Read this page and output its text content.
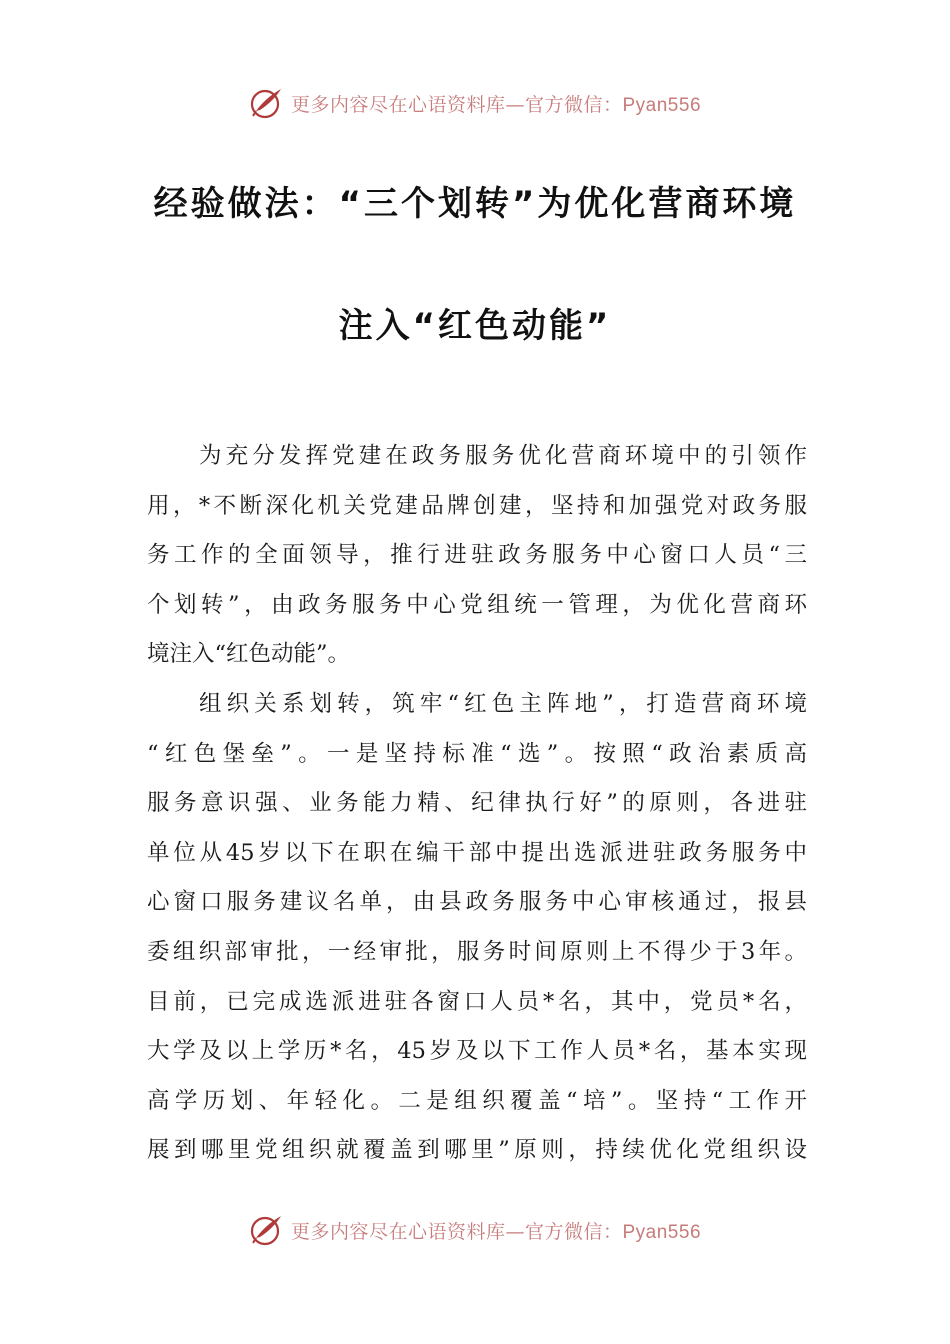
更多内容尽在心语资料库—官方微信：Pyan556
经验做法：“三个划转”为优化营商环境
注入“红色动能”
为充分发挥党建在政务服务优化营商环境中的引领作
用，*不断深化机关党建品牌创建，坚持和加强党对政务服
务工作的全面领导，推行进驻政务服务中心窗口人员“三
个划转”，由政务服务中心党组统一管理，为优化营商环
境注入“红色动能”。
组织关系划转，筑牢“红色主阵地”，打造营商环境
“红色堡垒”。一是坚持标准“选”。按照“政治素质高
服务意识强、业务能力精、纪律执行好”的原则，各进驻
单位从45岁以下在职在编干部中提出选派进驻政务服务中
心窗口服务建议名单，由县政务服务中心审核通过，报县
委组织部审批，一经审批，服务时间原则上不得少于3年。
目前，已完成选派进驻各窗口人员*名，其中，党员*名，
大学及以上学历*名，45岁及以下工作人员*名，基本实现
高学历划、年轻化。二是组织覆盖“培”。坚持“工作开
展到哪里党组织就覆盖到哪里”原则，持续优化党组织设
更多内容尽在心语资料库—官方微信：Pyan556
